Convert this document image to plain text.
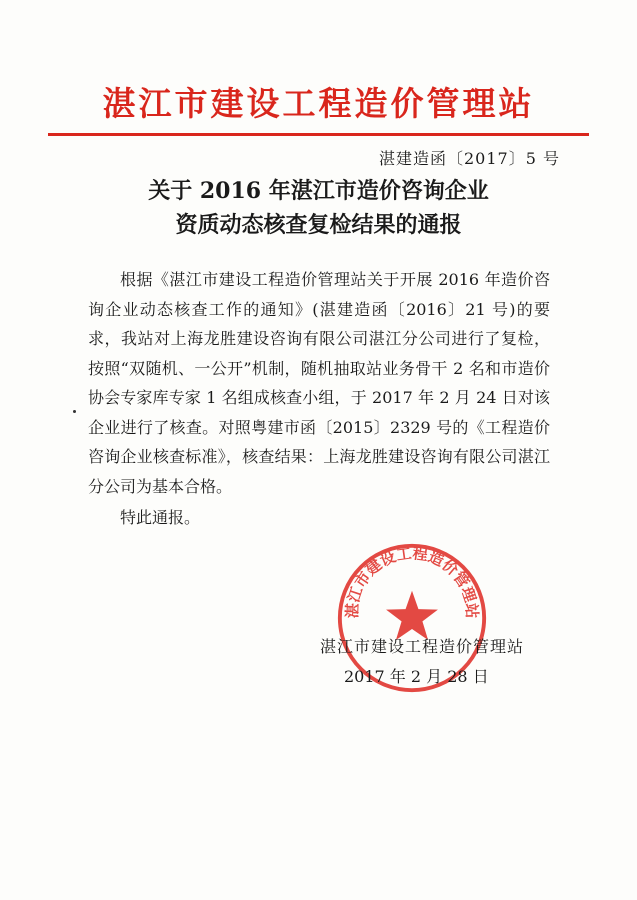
湛江市建设工程造价管理站
湛建造函〔2017〕5 号
关于 2016 年湛江市造价咨询企业
资质动态核查复检结果的通报

根据《湛江市建设工程造价管理站关于开展 2016 年造价咨询企业动态核查工作的通知》(湛建造函〔2016〕21 号)的要求，我站对上海龙胜建设咨询有限公司湛江分公司进行了复检，按照“双随机、一公开”机制，随机抽取站业务骨干 2 名和市造价协会专家库专家 1 名组成核查小组，于 2017 年 2 月 24 日对该企业进行了核查。对照粤建市函〔2015〕2329 号的《工程造价咨询企业核查标准》，核查结果：上海龙胜建设咨询有限公司湛江分公司为基本合格。

特此通报。

湛江市建设工程造价管理站
湛江市建设工程造价管理站
2017 年 2 月 28 日
